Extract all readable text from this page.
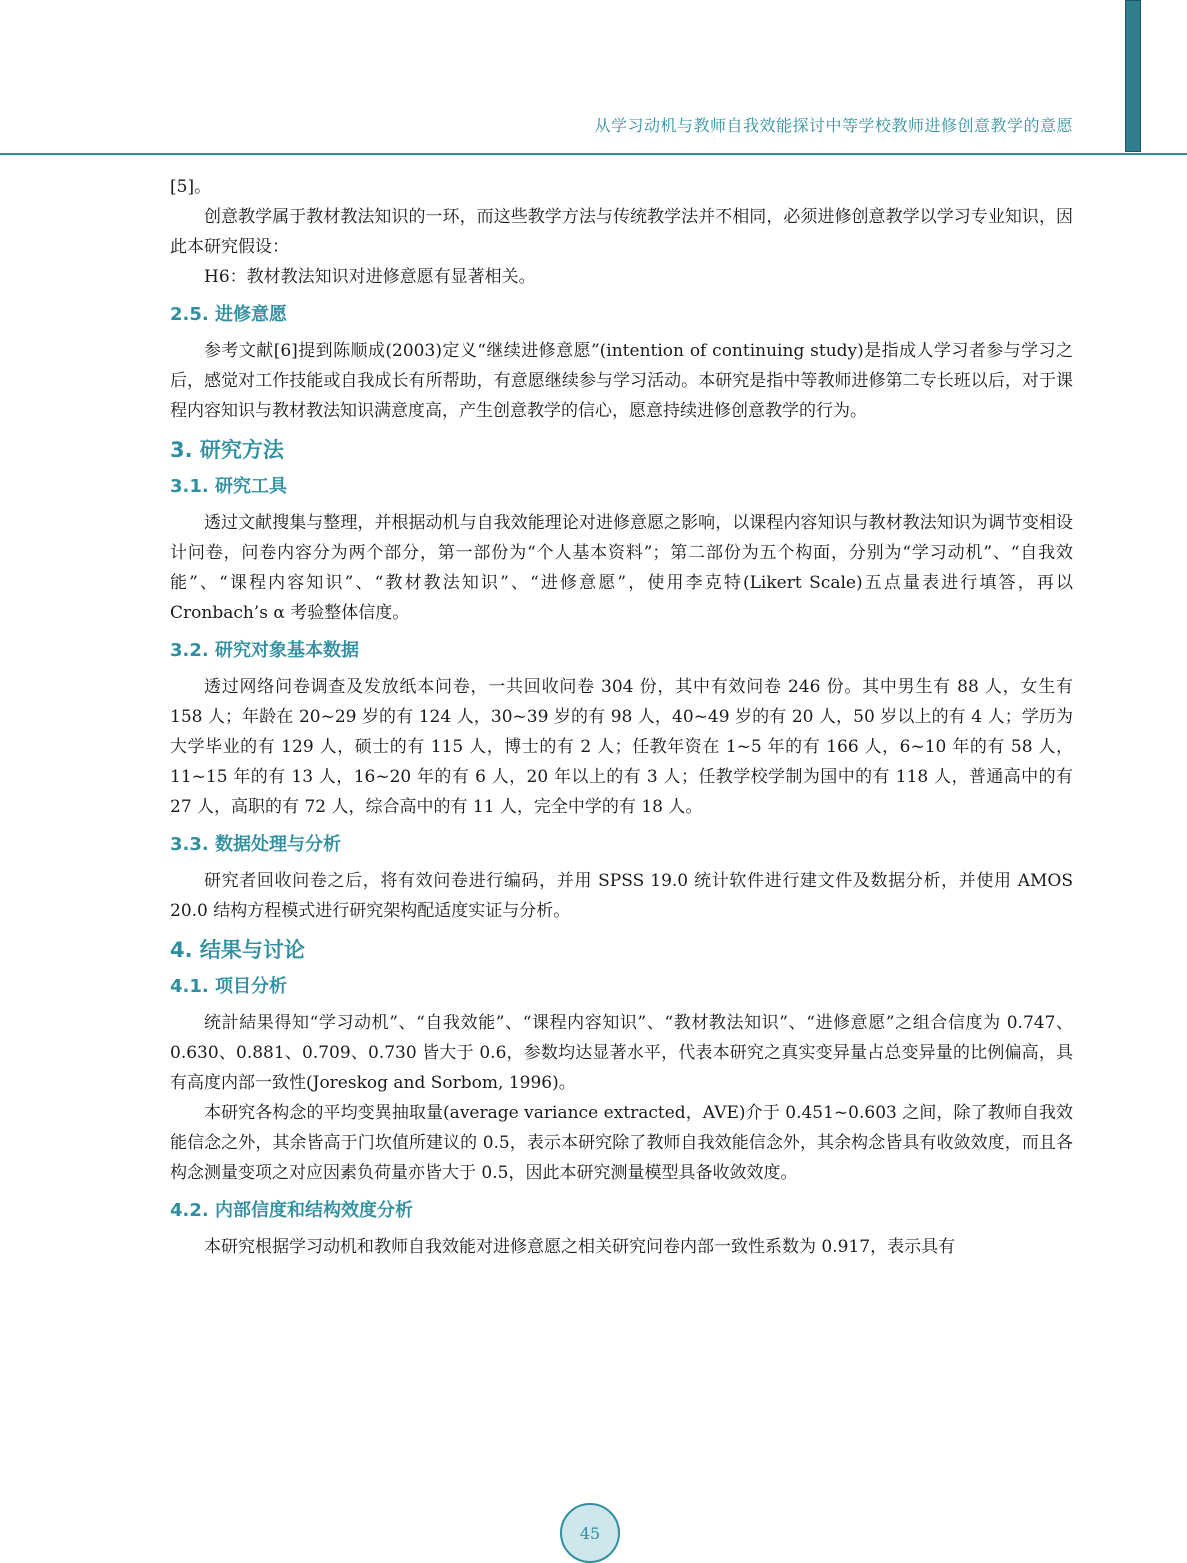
从学习动机与教师自我效能探讨中等学校教师进修创意教学的意愿

[5]。

创意教学属于教材教法知识的一环，而这些教学方法与传统教学法并不相同，必须进修创意教学以学习专业知识，因此本研究假设：

H6：教材教法知识对进修意愿有显著相关。

2.5. 进修意愿

参考文献[6]提到陈顺成(2003)定义“继续进修意愿”(intention of continuing study)是指成人学习者参与学习之后，感觉对工作技能或自我成长有所帮助，有意愿继续参与学习活动。本研究是指中等教师进修第二专长班以后，对于课程内容知识与教材教法知识满意度高，产生创意教学的信心，愿意持续进修创意教学的行为。

3. 研究方法
3.1. 研究工具

透过文献搜集与整理，并根据动机与自我效能理论对进修意愿之影响，以课程内容知识与教材教法知识为调节变相设计问卷，问卷内容分为两个部分，第一部份为“个人基本资料”；第二部份为五个构面，分别为“学习动机”、“自我效能”、“课程内容知识”、“教材教法知识”、“进修意愿”，使用李克特(Likert Scale)五点量表进行填答，再以 Cronbach’s α 考验整体信度。

3.2. 研究对象基本数据

透过网络问卷调查及发放纸本问卷，一共回收问卷 304 份，其中有效问卷 246 份。其中男生有 88 人，女生有 158 人；年龄在 20~29 岁的有 124 人，30~39 岁的有 98 人，40~49 岁的有 20 人，50 岁以上的有 4 人；学历为大学毕业的有 129 人，硕士的有 115 人，博士的有 2 人；任教年资在 1~5 年的有 166 人，6~10 年的有 58 人，11~15 年的有 13 人，16~20 年的有 6 人，20 年以上的有 3 人；任教学校学制为国中的有 118 人，普通高中的有 27 人，高职的有 72 人，综合高中的有 11 人，完全中学的有 18 人。

3.3. 数据处理与分析

研究者回收问卷之后，将有效问卷进行编码，并用 SPSS 19.0 统计软件进行建文件及数据分析，并使用 AMOS 20.0 结构方程模式进行研究架构配适度实证与分析。

4. 结果与讨论
4.1. 项目分析

统計結果得知“学习动机”、“自我效能”、“课程内容知识”、“教材教法知识”、“进修意愿”之组合信度为 0.747、0.630、0.881、0.709、0.730 皆大于 0.6，参数均达显著水平，代表本研究之真实变异量占总变异量的比例偏高，具有高度内部一致性(Joreskog and Sorbom, 1996)。

本研究各构念的平均变異抽取量(average variance extracted，AVE)介于 0.451~0.603 之间，除了教师自我效能信念之外，其余皆高于门坎值所建议的 0.5，表示本研究除了教师自我效能信念外，其余构念皆具有收敛效度，而且各构念测量变项之对应因素负荷量亦皆大于 0.5，因此本研究测量模型具备收敛效度。

4.2. 内部信度和结构效度分析

本研究根据学习动机和教师自我效能对进修意愿之相关研究问卷内部一致性系数为 0.917，表示具有

45
